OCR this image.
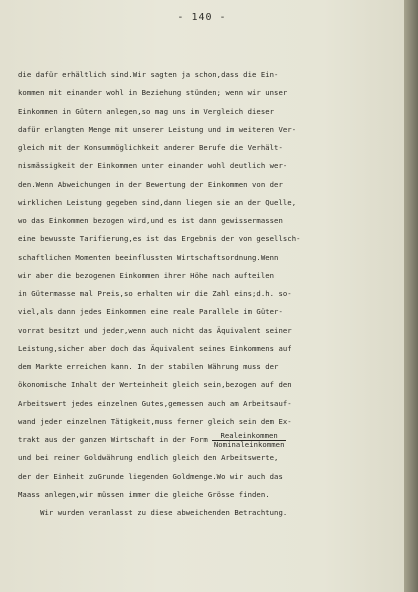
- 140 -
die dafür erhältlich sind.Wir sagten ja schon,dass die Ein-
kommen mit einander wohl in Beziehung stünden; wenn wir unser
Einkommen in Gütern anlegen,so mag uns im Vergleich dieser
dafür erlangten Menge mit unserer Leistung und im weiteren Ver-
gleich mit der Konsummöglichkeit anderer Berufe die Verhält-
nismässigkeit der Einkommen unter einander wohl deutlich wer-
den.Wenn Abweichungen in der Bewertung der Einkommen von der
wirklichen Leistung gegeben sind,dann liegen sie an der Quelle,
wo das Einkommen bezogen wird,und es ist dann gewissermassen
eine bewusste Tarifierung,es ist das Ergebnis der von gesellsch-
schaftlichen Momenten beeinflussten Wirtschaftsordnung.Wenn
wir aber die bezogenen Einkommen ihrer Höhe nach aufteilen
in Gütermasse mal Preis,so erhalten wir die Zahl eins;d.h. so-
viel,als dann jedes Einkommen eine reale Parallele im Güter-
vorrat besitzt und jeder,wenn auch nicht das Äquivalent seiner
Leistung,sicher aber doch das Äquivalent seines Einkommens auf
dem Markte erreichen kann. In der stabilen Währung muss der
ökonomische Inhalt der Werteinheit gleich sein,bezogen auf den
Arbeitswert jedes einzelnen Gutes,gemessen auch am Arbeitsauf-
wand jeder einzelnen Tätigkeit,muss ferner gleich sein dem Ex-
trakt aus der ganzen Wirtschaft in der Form $\frac{\text{Realeinkommen}}{\text{Nominaleinkommen}}$
und bei reiner Goldwährung endlich gleich den Arbeitswerte,
der der Einheit zuGrunde liegenden Goldmenge.Wo wir auch das
Maass anlegen,wir müssen immer die gleiche Grösse finden.
Wir wurden veranlasst zu diese abweichenden Betrachtung.
